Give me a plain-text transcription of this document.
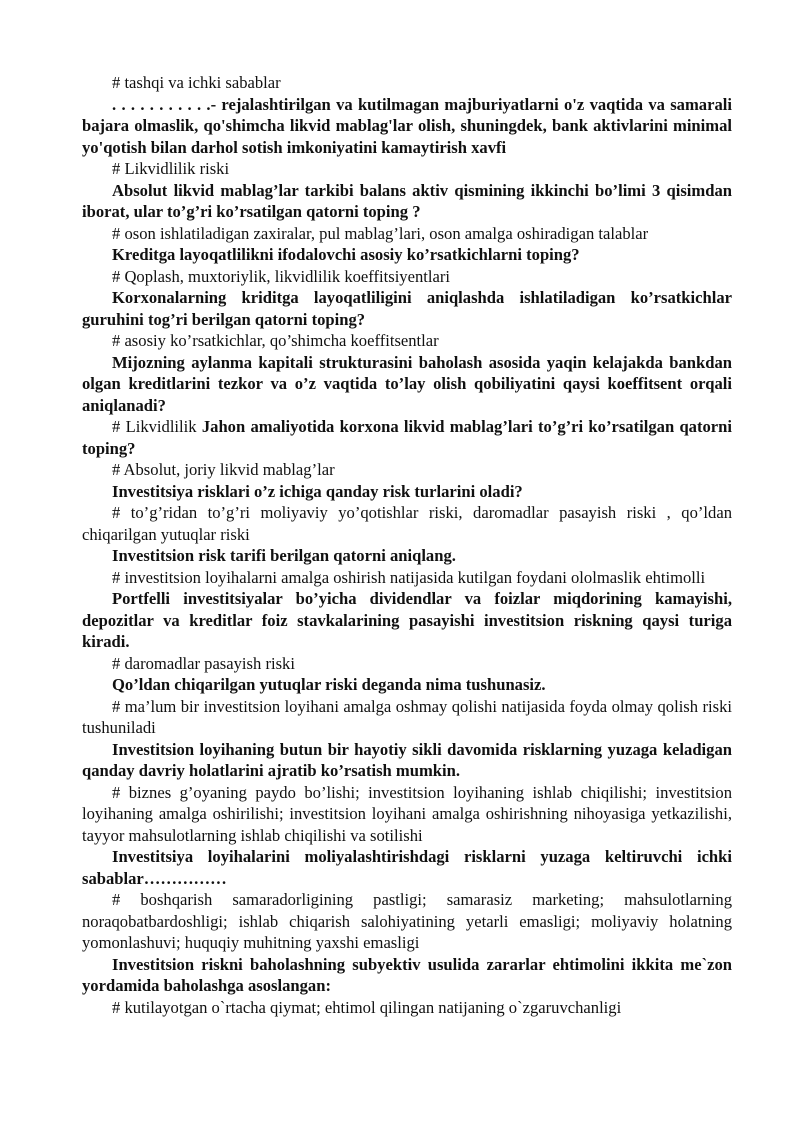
# tashqi va ichki sabablar

. . . . . . . . . . .- rejalashtirilgan va kutilmagan majburiyatlarni o'z vaqtida va samarali bajara olmaslik, qo'shimcha likvid mablag'lar olish, shuningdek, bank aktivlarini minimal yo'qotish bilan darhol sotish imkoniyatini kamaytirish xavfi

# Likvidlilik riski

Absolut likvid mablag’lar tarkibi balans aktiv qismining ikkinchi bo’limi 3 qisimdan iborat, ular to’g’ri ko’rsatilgan qatorni toping ?

# oson ishlatiladigan zaxiralar, pul mablag’lari, oson amalga oshiradigan talablar

Kreditga layoqatlilikni ifodalovchi asosiy ko’rsatkichlarni toping?

# Qoplash, muxtoriylik, likvidlilik koeffitsiyentlari

Korxonalarning kriditga layoqatliligini aniqlashda ishlatiladigan ko’rsatkichlar guruhini tog’ri berilgan qatorni toping?

# asosiy ko’rsatkichlar, qo’shimcha koeffitsentlar

Mijozning aylanma kapitali strukturasini baholash asosida yaqin kelajakda bankdan olgan kreditlarini tezkor va o’z vaqtida to’lay olish qobiliyatini qaysi koeffitsent orqali aniqlanadi?

# Likvidlilik Jahon amaliyotida korxona likvid mablag’lari to’g’ri ko’rsatilgan qatorni toping?

# Absolut, joriy likvid mablag’lar

Investitsiya risklari o’z ichiga qanday risk turlarini oladi?

# to’g’ridan to’g’ri moliyaviy yo’qotishlar riski, daromadlar pasayish riski , qo’ldan chiqarilgan yutuqlar riski

Investitsion risk tarifi berilgan qatorni aniqlang.

# investitsion loyihalarni amalga oshirish natijasida kutilgan foydani ololmaslik ehtimolli

Portfelli investitsiyalar bo’yicha dividendlar va foizlar miqdorining kamayishi, depozitlar va kreditlar foiz stavkalarining pasayishi investitsion riskning qaysi turiga kiradi.

# daromadlar pasayish riski

Qo’ldan chiqarilgan yutuqlar riski deganda nima tushunasiz.

# ma’lum bir investitsion loyihani amalga oshmay qolishi natijasida foyda olmay qolish riski tushuniladi

Investitsion loyihaning butun bir hayotiy sikli davomida risklarning yuzaga keladigan qanday davriy holatlarini ajratib ko’rsatish mumkin.

# biznes g’oyaning paydo bo’lishi; investitsion loyihaning ishlab chiqilishi; investitsion loyihaning amalga oshirilishi; investitsion loyihani amalga oshirishning nihoyasiga yetkazilishi, tayyor mahsulotlarning ishlab chiqilishi va sotilishi

Investitsiya loyihalarini moliyalashtirishdagi risklarni yuzaga keltiruvchi ichki sabablar……………

# boshqarish samaradorligining pastligi; samarasiz marketing; mahsulotlarning noraqobatbardoshligi; ishlab chiqarish salohiyatining yetarli emasligi; moliyaviy holatning yomonlashuvi; huquqiy muhitning yaxshi emasligi

Investitsion riskni baholashning subyektiv usulida zararlar ehtimolini ikkita me`zon yordamida baholashga asoslangan:

# kutilayotgan o`rtacha qiymat; ehtimol qilingan natijaning o`zgaruvchanligi
